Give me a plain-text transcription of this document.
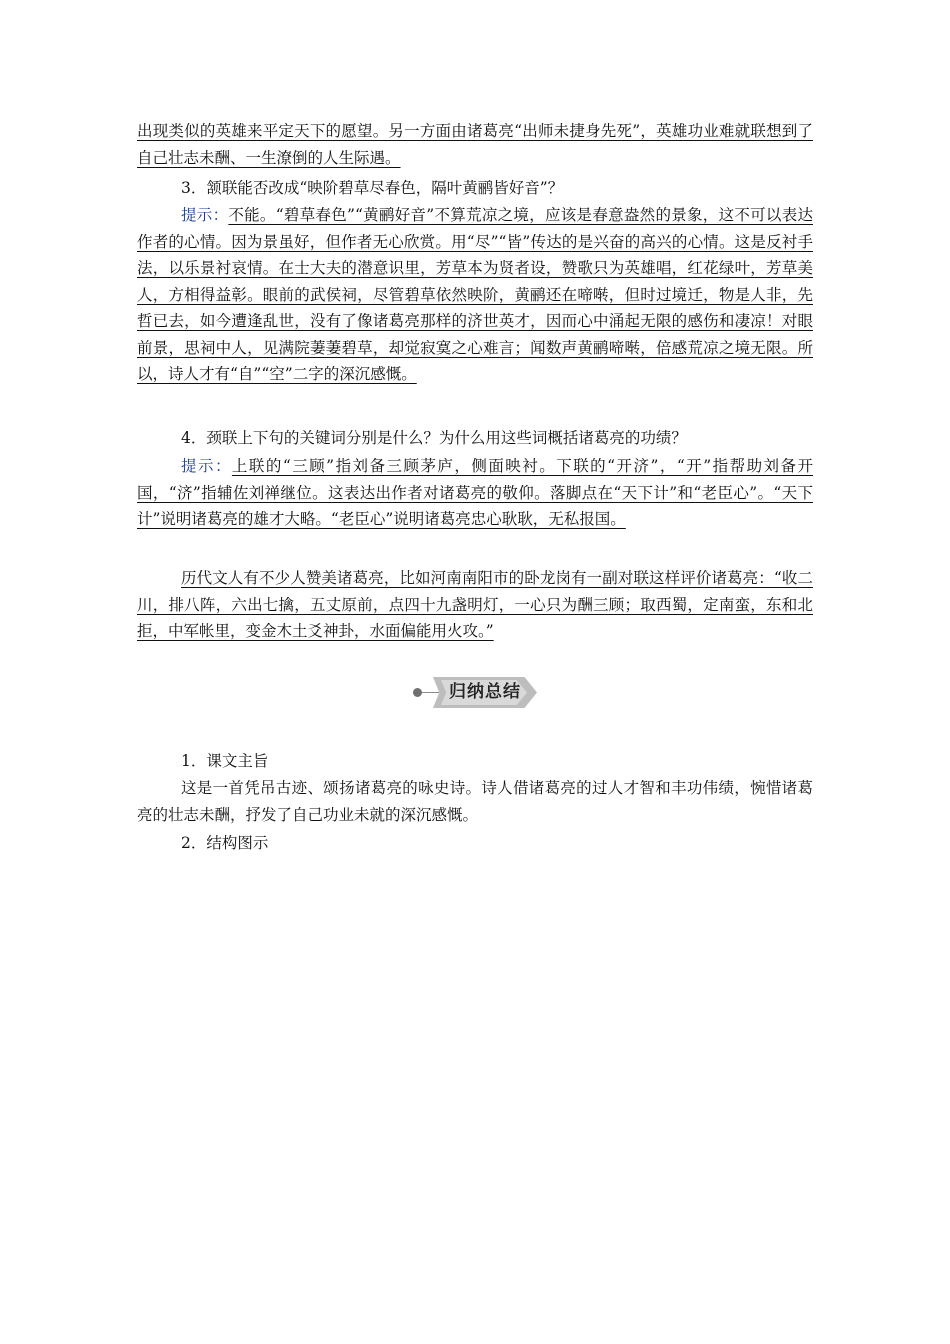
出现类似的英雄来平定天下的愿望。另一方面由诸葛亮“出师未捷身先死”，英雄功业难就联想到了自己壮志未酬、一生潦倒的人生际遇。
3．颔联能否改成“映阶碧草尽春色，隔叶黄鹂皆好音”？
提示：不能。“碧草春色”“黄鹂好音”不算荒凉之境，应该是春意盎然的景象，这不可以表达作者的心情。因为景虽好，但作者无心欣赏。用“尽”“皆”传达的是兴奋的高兴的心情。这是反衬手法，以乐景衬哀情。在士大夫的潜意识里，芳草本为贤者设，赞歌只为英雄唱，红花绿叶，芳草美人，方相得益彰。眼前的武侯祠，尽管碧草依然映阶，黄鹂还在啼啭，但时过境迁，物是人非，先哲已去，如今遭逢乱世，没有了像诸葛亮那样的济世英才，因而心中涌起无限的感伤和凄凉！对眼前景，思祠中人，见满院萋萋碧草，却觉寂寞之心难言；闻数声黄鹂啼啭，倍感荒凉之境无限。所以，诗人才有“自”“空”二字的深沉感慨。
4．颈联上下句的关键词分别是什么？为什么用这些词概括诸葛亮的功绩？
提示：上联的“三顾”指刘备三顾茅庐，侧面映衬。下联的“开济”，“开”指帮助刘备开国，“济”指辅佐刘禅继位。这表达出作者对诸葛亮的敬仰。落脚点在“天下计”和“老臣心”。“天下计”说明诸葛亮的雄才大略。“老臣心”说明诸葛亮忠心耿耿，无私报国。
历代文人有不少人赞美诸葛亮，比如河南南阳市的卧龙岗有一副对联这样评价诸葛亮：“收二川，排八阵，六出七擒，五丈原前，点四十九盏明灯，一心只为酬三顾；取西蜀，定南蛮，东和北拒，中军帐里，变金木土爻神卦，水面偏能用火攻。”
归纳总结
1．课文主旨
这是一首凭吊古迹、颂扬诸葛亮的咏史诗。诗人借诸葛亮的过人才智和丰功伟绩，惋惜诸葛亮的壮志未酬，抒发了自己功业未就的深沉感慨。
2．结构图示
